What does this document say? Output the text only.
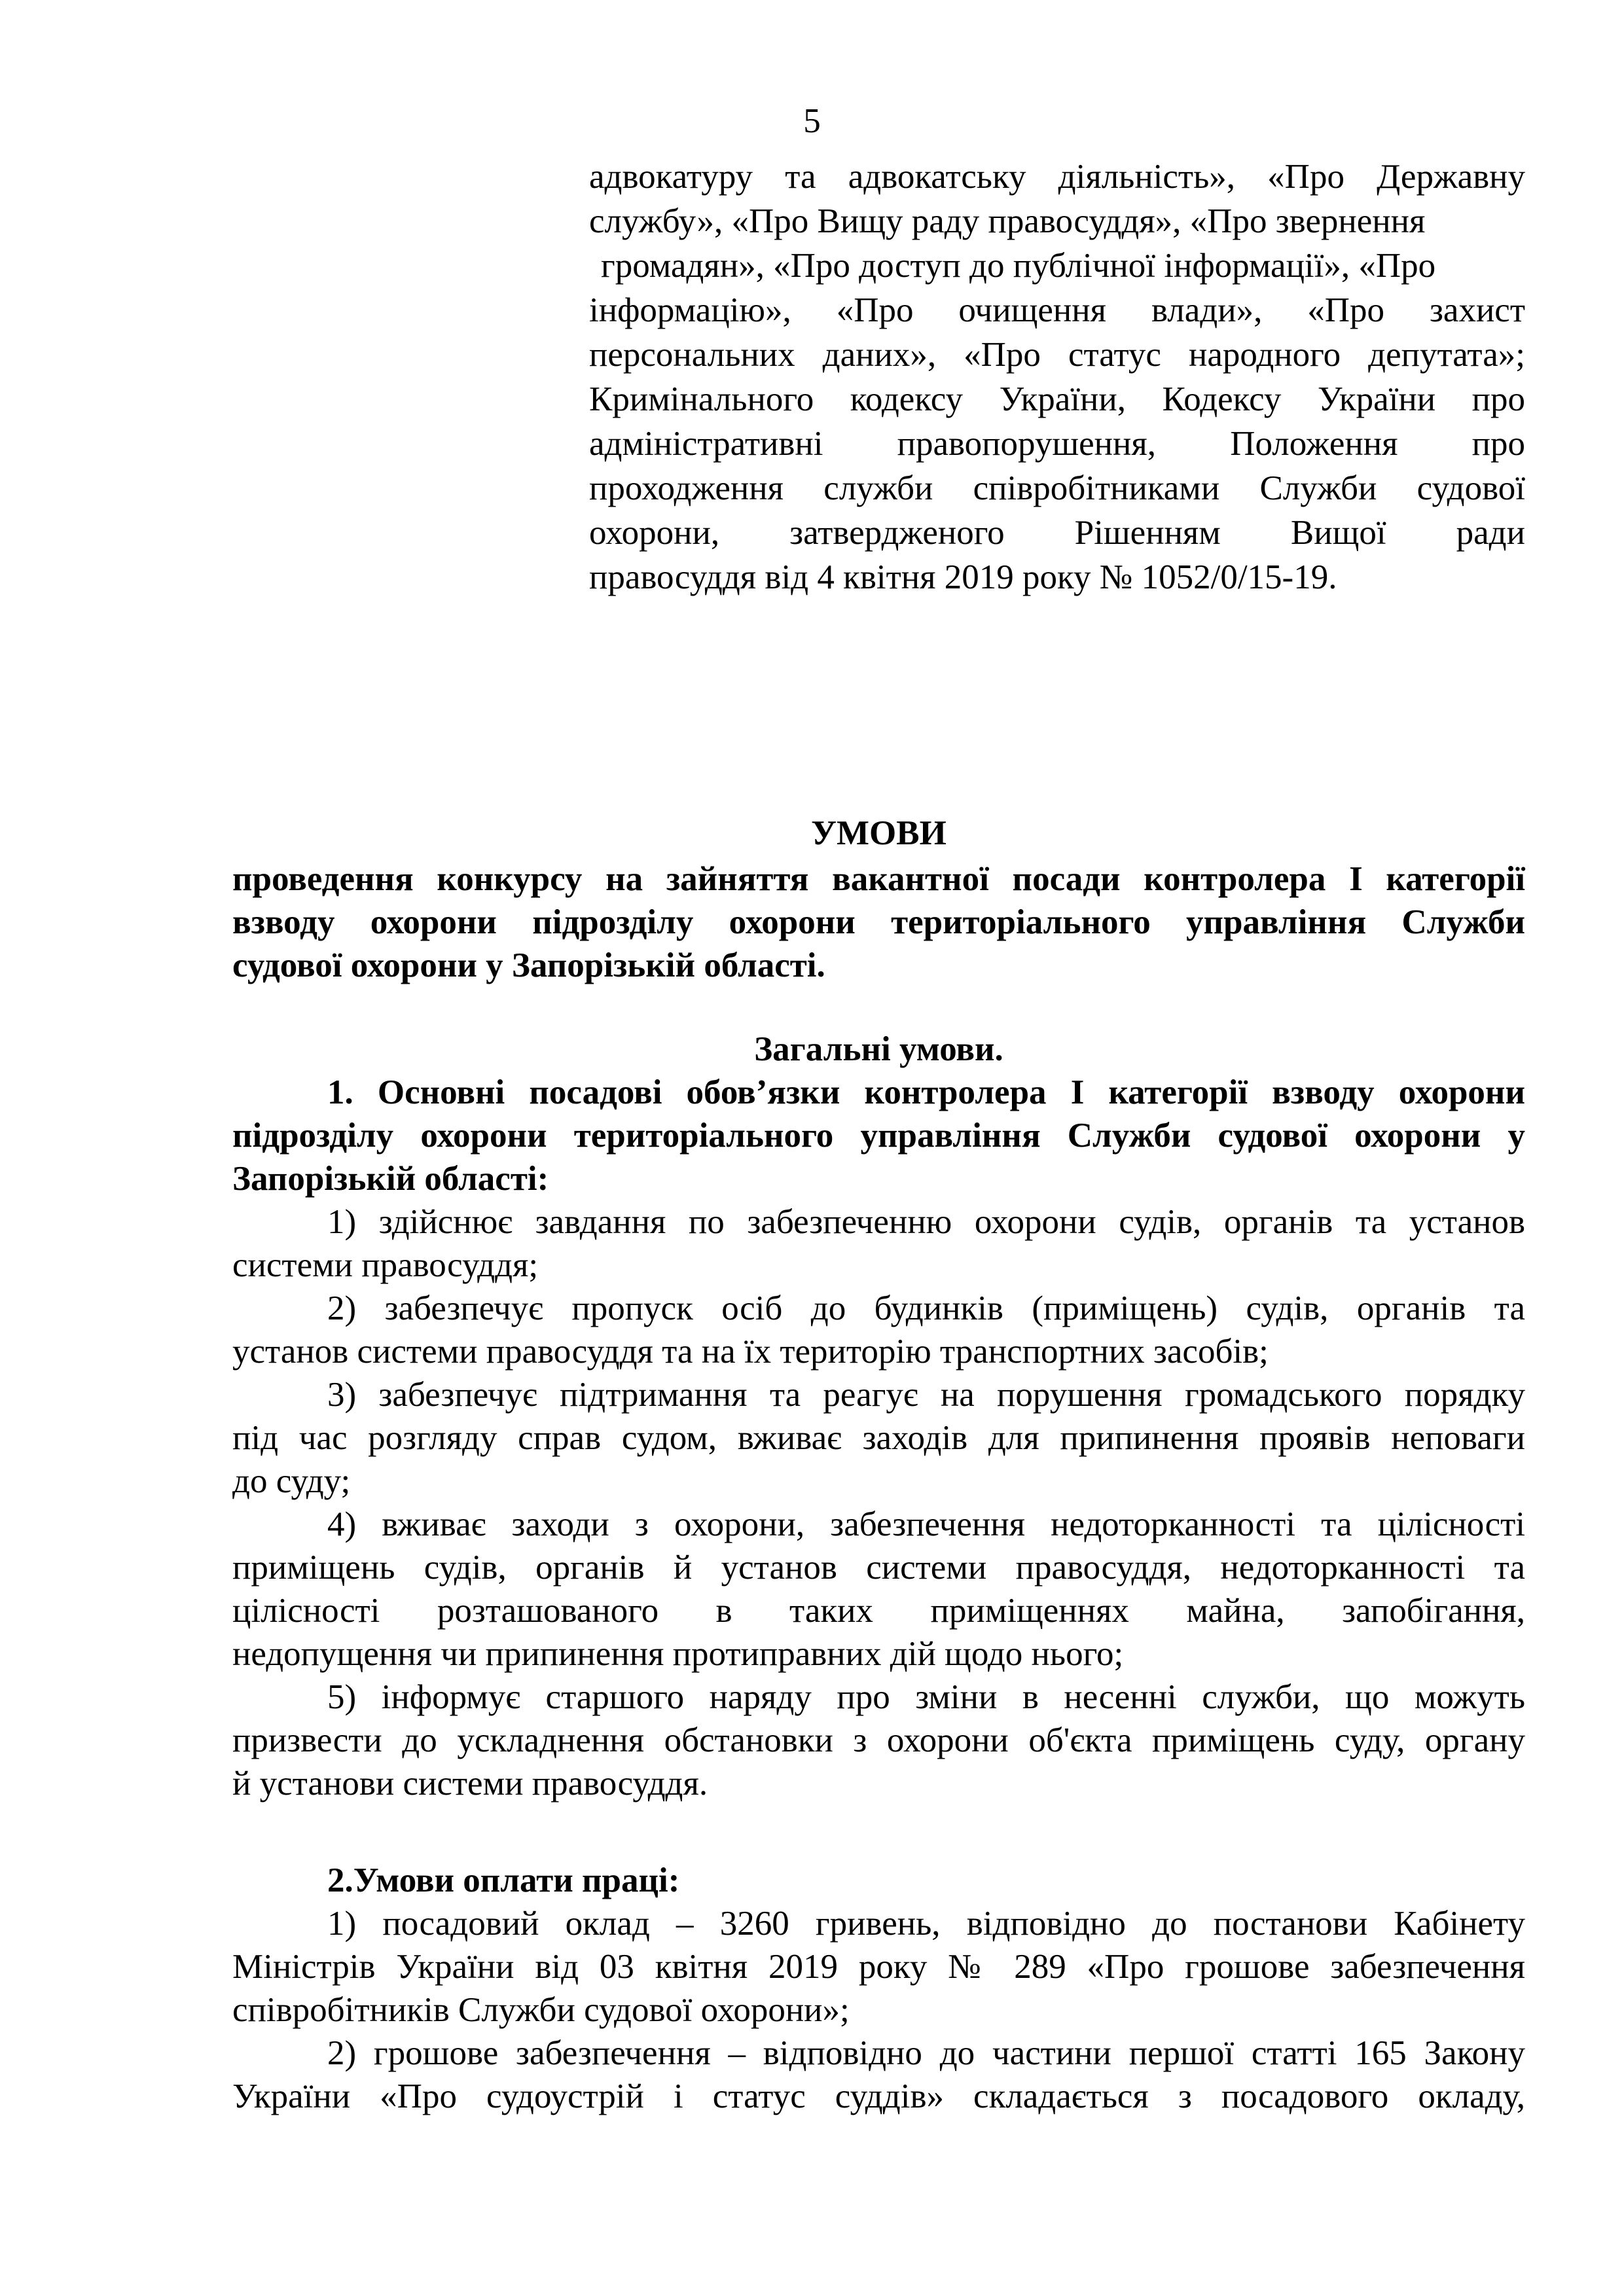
5
адвокатуру та адвокатську діяльність», «Про Державну
службу», «Про Вищу раду правосуддя», «Про звернення
громадян», «Про доступ до публічної інформації», «Про
інформацію», «Про очищення влади», «Про захист
персональних даних», «Про статус народного депутата»;
Кримінального кодексу України, Кодексу України про
адміністративні правопорушення, Положення про
проходження служби співробітниками Служби судової
охорони, затвердженого Рішенням Вищої ради
правосуддя від 4 квітня 2019 року № 1052/0/15-19.
УМОВИ
проведення конкурсу на зайняття вакантної посади контролера І категорії
взводу охорони підрозділу охорони територіального управління Служби
судової охорони у Запорізькій області.
Загальні умови.
1. Основні посадові обов’язки контролера І категорії взводу охорони
підрозділу охорони територіального управління Служби судової охорони у
Запорізькій області:
1) здійснює завдання по забезпеченню охорони судів, органів та установ
системи правосуддя;
2) забезпечує пропуск осіб до будинків (приміщень) судів, органів та
установ системи правосуддя та на їх територію транспортних засобів;
3) забезпечує підтримання та реагує на порушення громадського порядку
під час розгляду справ судом, вживає заходів для припинення проявів неповаги
до суду;
4) вживає заходи з охорони, забезпечення недоторканності та цілісності
приміщень судів, органів й установ системи правосуддя, недоторканності та
цілісності розташованого в таких приміщеннях майна, запобігання,
недопущення чи припинення протиправних дій щодо нього;
5) інформує старшого наряду про зміни в несенні служби, що можуть
призвести до ускладнення обстановки з охорони об'єкта приміщень суду, органу
й установи системи правосуддя.
2.Умови оплати праці:
1) посадовий оклад – 3260 гривень, відповідно до постанови Кабінету
Міністрів України від 03 квітня 2019 року № 289 «Про грошове забезпечення
співробітників Служби судової охорони»;
2) грошове забезпечення – відповідно до частини першої статті 165 Закону
України «Про судоустрій і статус суддів» складається з посадового окладу,
